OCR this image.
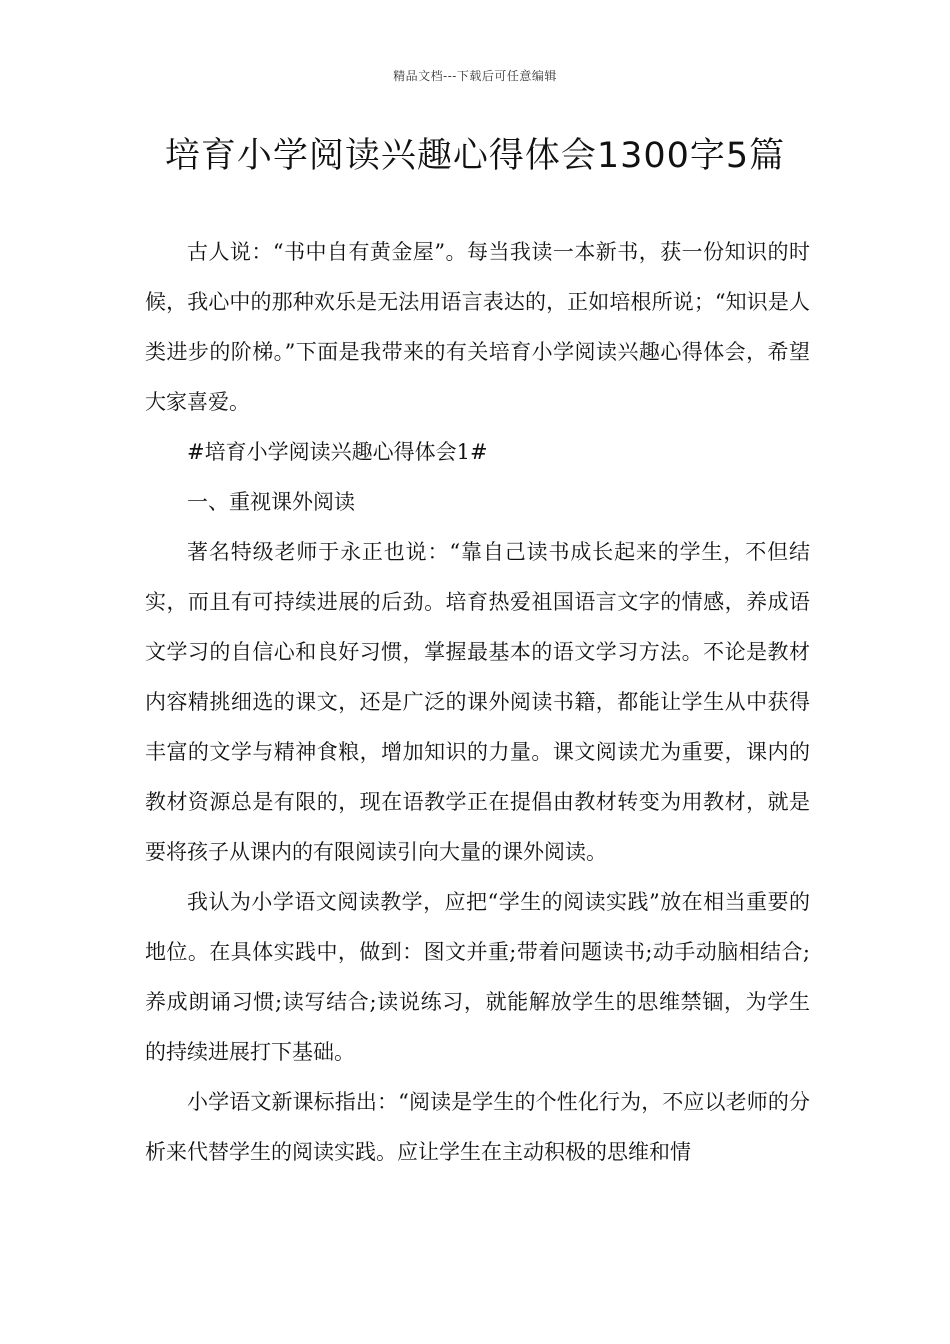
精品文档---下载后可任意编辑
培育小学阅读兴趣心得体会1300字5篇

古人说：“书中自有黄金屋”。每当我读一本新书，获一份知识的时候，我心中的那种欢乐是无法用语言表达的，正如培根所说；“知识是人类进步的阶梯。”下面是我带来的有关培育小学阅读兴趣心得体会，希望大家喜爱。

#培育小学阅读兴趣心得体会1#

一、重视课外阅读

著名特级老师于永正也说：“靠自己读书成长起来的学生，不但结实，而且有可持续进展的后劲。培育热爱祖国语言文字的情感，养成语文学习的自信心和良好习惯，掌握最基本的语文学习方法。不论是教材内容精挑细选的课文，还是广泛的课外阅读书籍，都能让学生从中获得丰富的文学与精神食粮，增加知识的力量。课文阅读尤为重要，课内的教材资源总是有限的，现在语教学正在提倡由教材转变为用教材，就是要将孩子从课内的有限阅读引向大量的课外阅读。

我认为小学语文阅读教学，应把“学生的阅读实践”放在相当重要的地位。在具体实践中，做到：图文并重;带着问题读书;动手动脑相结合;养成朗诵习惯;读写结合;读说练习，就能解放学生的思维禁锢，为学生的持续进展打下基础。

小学语文新课标指出：“阅读是学生的个性化行为，不应以老师的分析来代替学生的阅读实践。应让学生在主动积极的思维和情
